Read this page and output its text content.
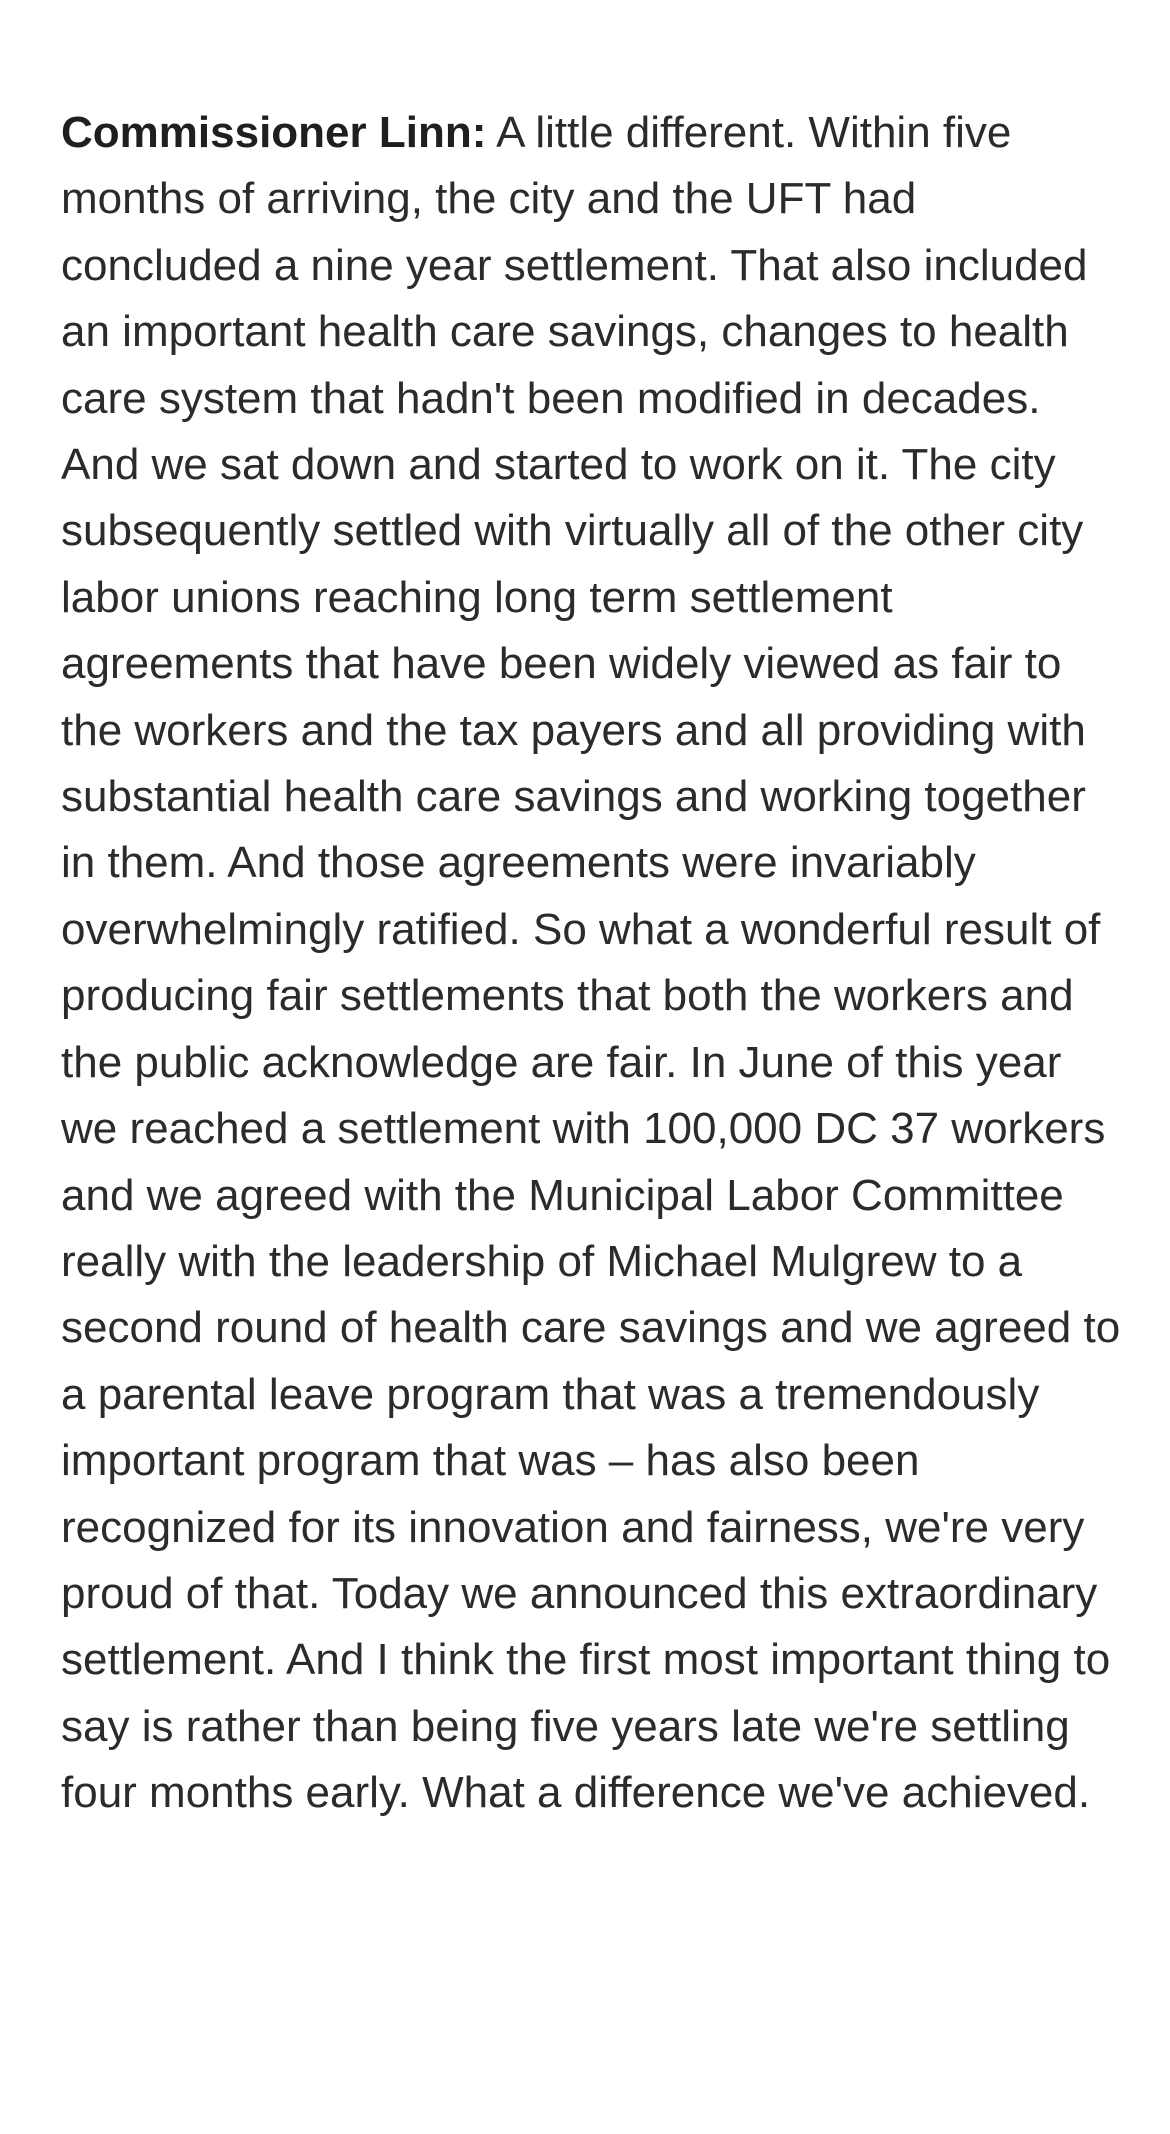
Commissioner Linn: A little different. Within five months of arriving, the city and the UFT had concluded a nine year settlement. That also included an important health care savings, changes to health care system that hadn't been modified in decades. And we sat down and started to work on it. The city subsequently settled with virtually all of the other city labor unions reaching long term settlement agreements that have been widely viewed as fair to the workers and the tax payers and all providing with substantial health care savings and working together in them. And those agreements were invariably overwhelmingly ratified. So what a wonderful result of producing fair settlements that both the workers and the public acknowledge are fair. In June of this year we reached a settlement with 100,000 DC 37 workers and we agreed with the Municipal Labor Committee really with the leadership of Michael Mulgrew to a second round of health care savings and we agreed to a parental leave program that was a tremendously important program that was – has also been recognized for its innovation and fairness, we're very proud of that. Today we announced this extraordinary settlement. And I think the first most important thing to say is rather than being five years late we're settling four months early. What a difference we've achieved.
